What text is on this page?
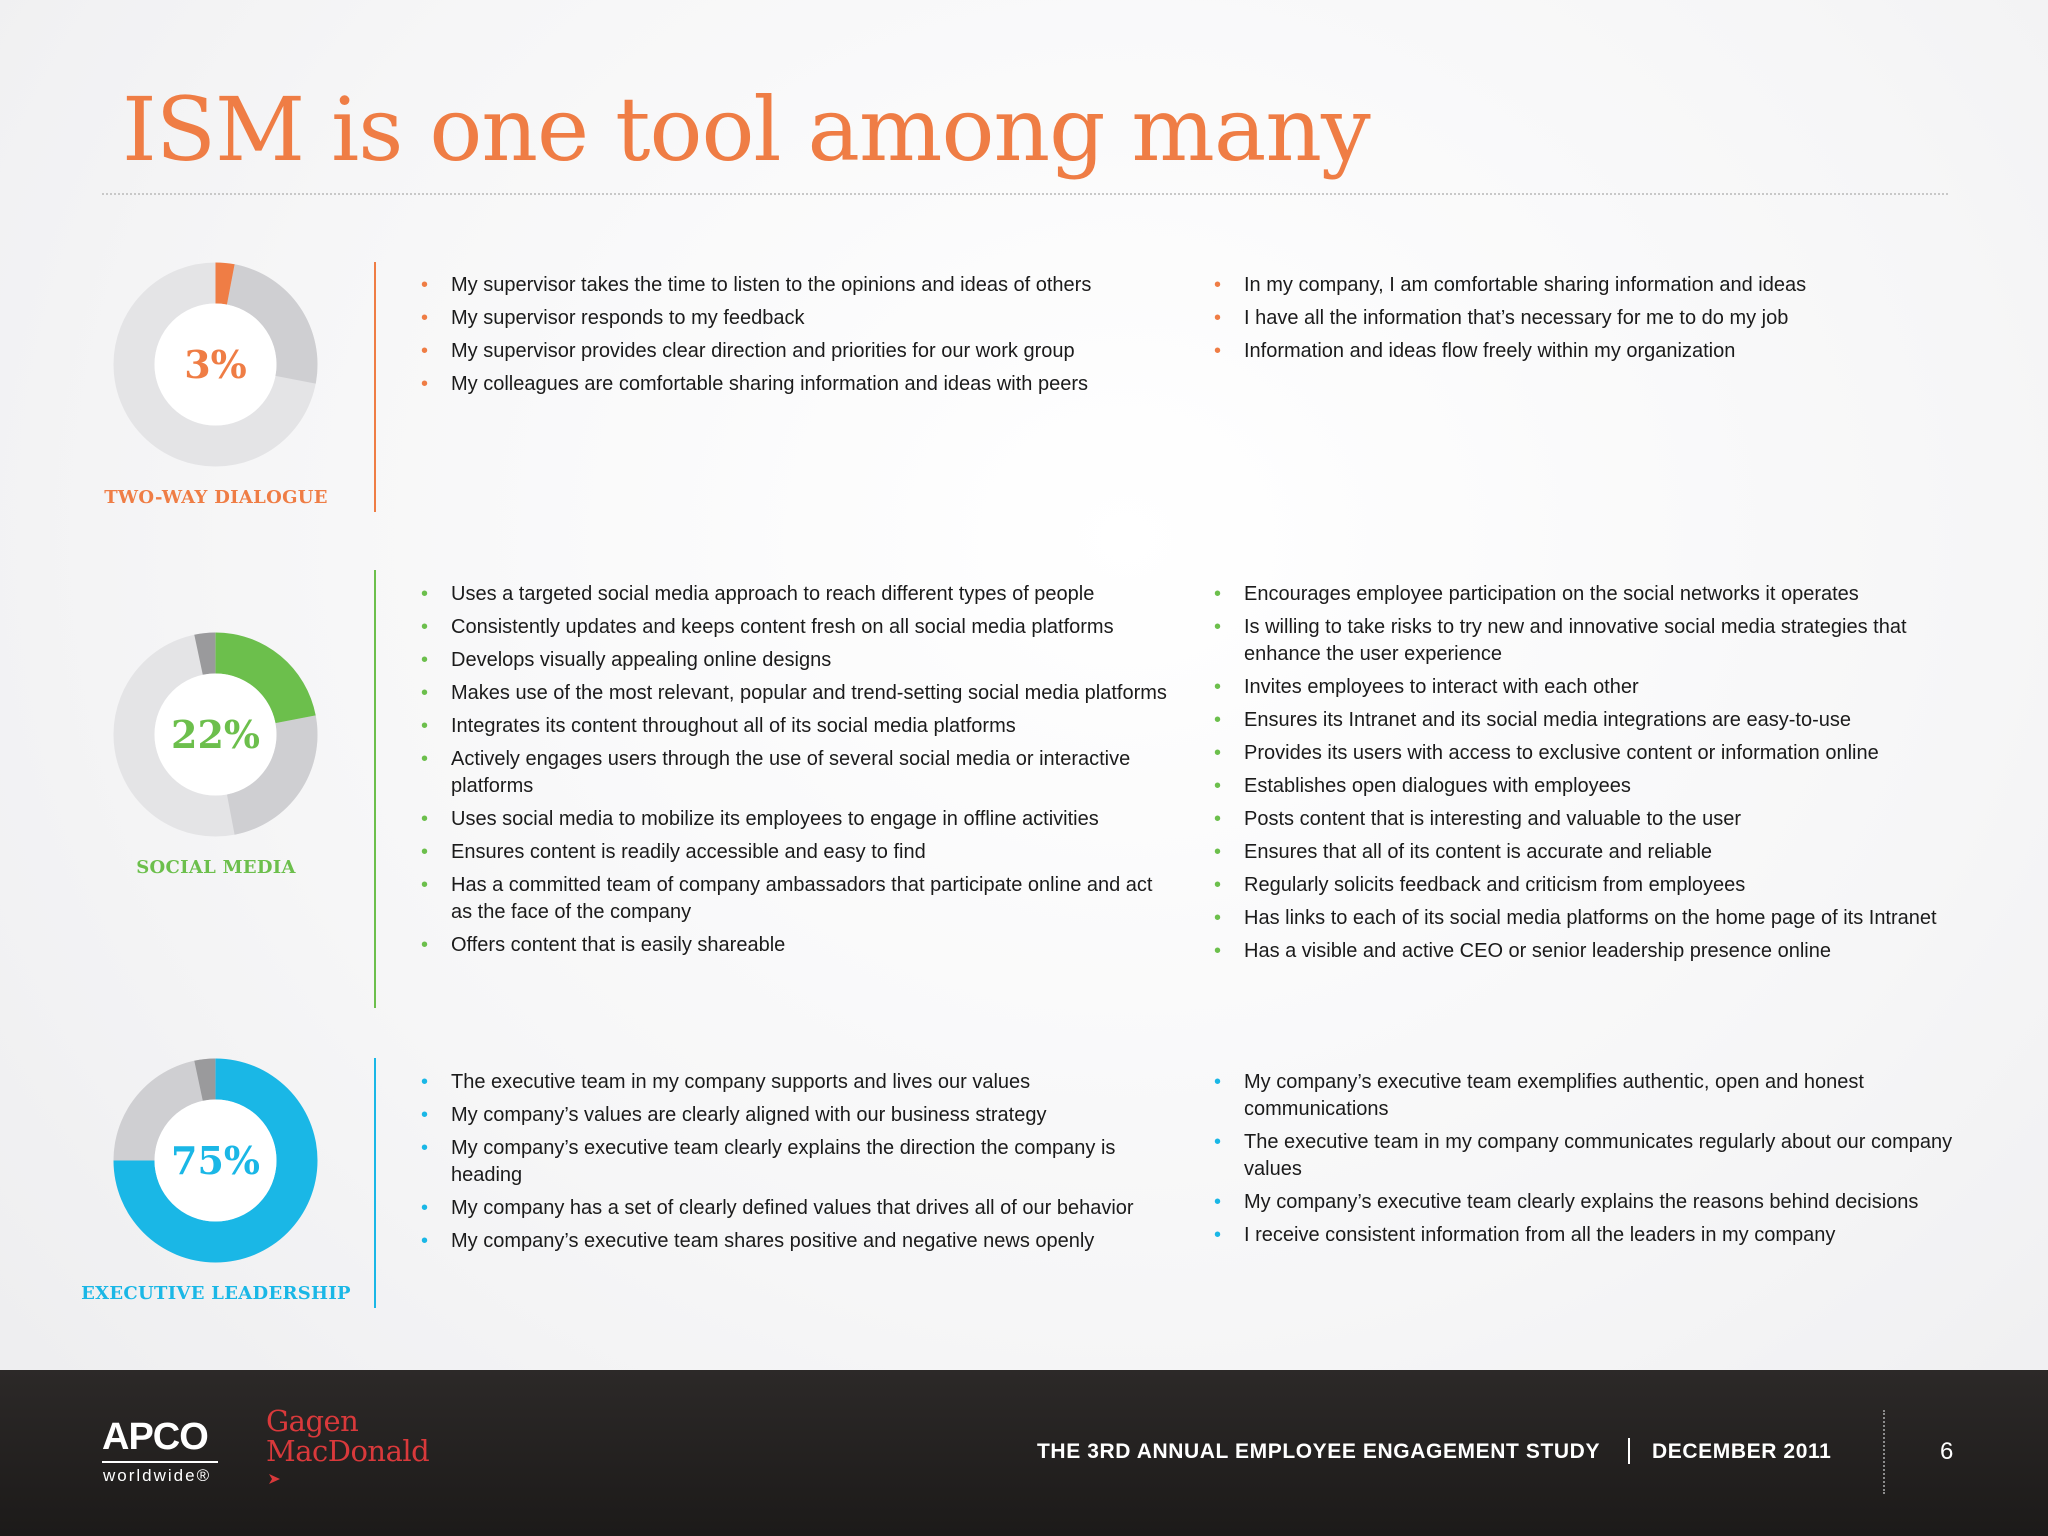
ISM is one tool among many
3%
TWO-WAY DIALOGUE
• My supervisor takes the time to listen to the opinions and ideas of others
• My supervisor responds to my feedback
• My supervisor provides clear direction and priorities for our work group
• My colleagues are comfortable sharing information and ideas with peers
• In my company, I am comfortable sharing information and ideas
• I have all the information that’s necessary for me to do my job
• Information and ideas flow freely within my organization
22%
SOCIAL MEDIA
• Uses a targeted social media approach to reach different types of people
• Consistently updates and keeps content fresh on all social media platforms
• Develops visually appealing online designs
• Makes use of the most relevant, popular and trend-setting social media platforms
• Integrates its content throughout all of its social media platforms
• Actively engages users through the use of several social media or interactive platforms
• Uses social media to mobilize its employees to engage in offline activities
• Ensures content is readily accessible and easy to find
• Has a committed team of company ambassadors that participate online and act as the face of the company
• Offers content that is easily shareable
• Encourages employee participation on the social networks it operates
• Is willing to take risks to try new and innovative social media strategies that enhance the user experience
• Invites employees to interact with each other
• Ensures its Intranet and its social media integrations are easy-to-use
• Provides its users with access to exclusive content or information online
• Establishes open dialogues with employees
• Posts content that is interesting and valuable to the user
• Ensures that all of its content is accurate and reliable
• Regularly solicits feedback and criticism from employees
• Has links to each of its social media platforms on the home page of its Intranet
• Has a visible and active CEO or senior leadership presence online
75%
EXECUTIVE LEADERSHIP
• The executive team in my company supports and lives our values
• My company’s values are clearly aligned with our business strategy
• My company’s executive team clearly explains the direction the company is heading
• My company has a set of clearly defined values that drives all of our behavior
• My company’s executive team shares positive and negative news openly
• My company’s executive team exemplifies authentic, open and honest communications
• The executive team in my company communicates regularly about our company values
• My company’s executive team clearly explains the reasons behind decisions
• I receive consistent information from all the leaders in my company
APCO
worldwide®
Gagen
MacDonald	THE 3RD ANNUAL EMPLOYEE ENGAGEMENT STUDY DECEMBER 2011	6
